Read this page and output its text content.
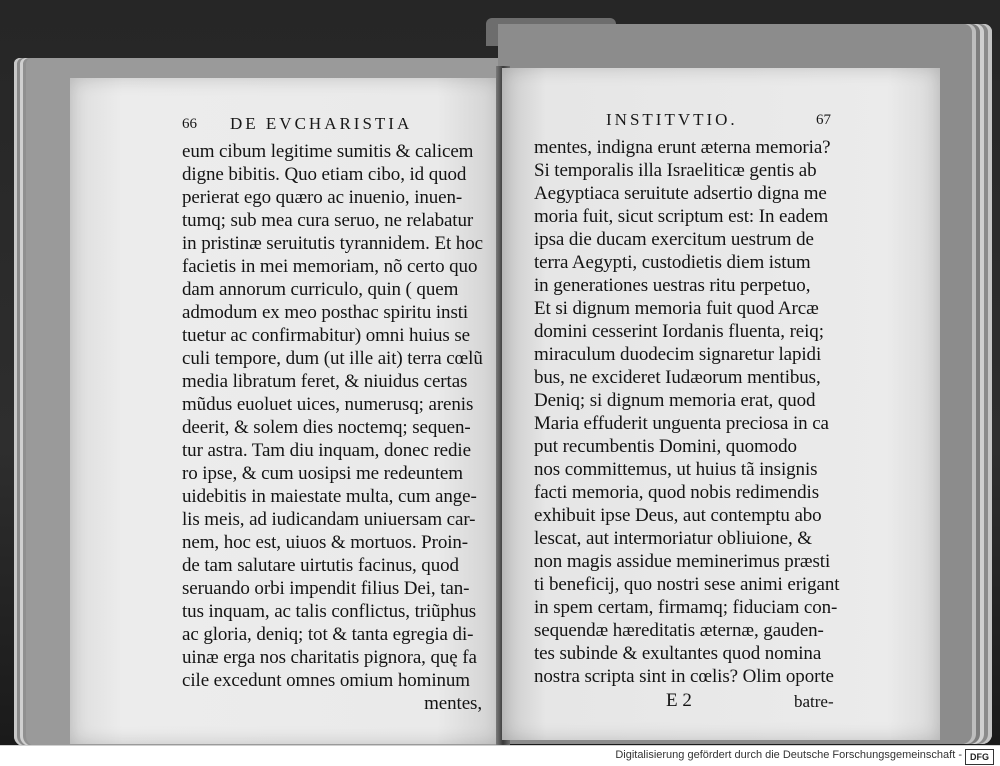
66 DE EVCHARISTIA
eum cibum legitime sumitis & calicem
digne bibitis. Quo etiam cibo, id quod
perierat ego quæro ac inuenio, inuen-
tumq; sub mea cura seruo, ne relabatur
in pristinæ seruitutis tyrannidem. Et hoc
facietis in mei memoriam, nõ certo quo
dam annorum curriculo, quin ( quem
admodum ex meo posthac spiritu insti
tuetur ac confirmabitur) omni huius se
culi tempore, dum (ut ille ait) terra cœlũ
media libratum feret, & niuidus certas
mũdus euoluet uices, numerusq; arenis
deerit, & solem dies noctemq; sequen-
tur astra. Tam diu inquam, donec redie
ro ipse, & cum uosipsi me redeuntem
uidebitis in maiestate multa, cum ange-
lis meis, ad iudicandam uniuersam car-
nem, hoc est, uiuos & mortuos. Proin-
de tam salutare uirtutis facinus, quod
seruando orbi impendit filius Dei, tan-
tus inquam, ac talis conflictus, triũphus
ac gloria, deniq; tot & tanta egregia di-
uinæ erga nos charitatis pignora, quę fa
cile excedunt omnes omium hominum
mentes,
INSTITVTIO.	67
mentes, indigna erunt æterna memoria?
Si temporalis illa Israeliticæ gentis ab
Aegyptiaca seruitute adsertio digna me
moria fuit, sicut scriptum est: In eadem
ipsa die ducam exercitum uestrum de
terra Aegypti, custodietis diem istum
in generationes uestras ritu perpetuo,
Et si dignum memoria fuit quod Arcæ
domini cesserint Iordanis fluenta, reiq;
miraculum duodecim signaretur lapidi
bus, ne excideret Iudæorum mentibus,
Deniq; si dignum memoria erat, quod
Maria effuderit unguenta preciosa in ca
put recumbentis Domini, quomodo
nos committemus, ut huius tã insignis
facti memoria, quod nobis redimendis
exhibuit ipse Deus, aut contemptu abo
lescat, aut intermoriatur obliuione, &
non magis assidue meminerimus præsti
ti beneficij, quo nostri sese animi erigant
in spem certam, firmamq; fiduciam con-
sequendæ hæreditatis æternæ, gauden-
tes subinde & exultantes quod nomina
nostra scripta sint in cœlis? Olim oporte
E 2	batre-
Digitalisierung gefördert durch die Deutsche Forschungsgemeinschaft - DFG
